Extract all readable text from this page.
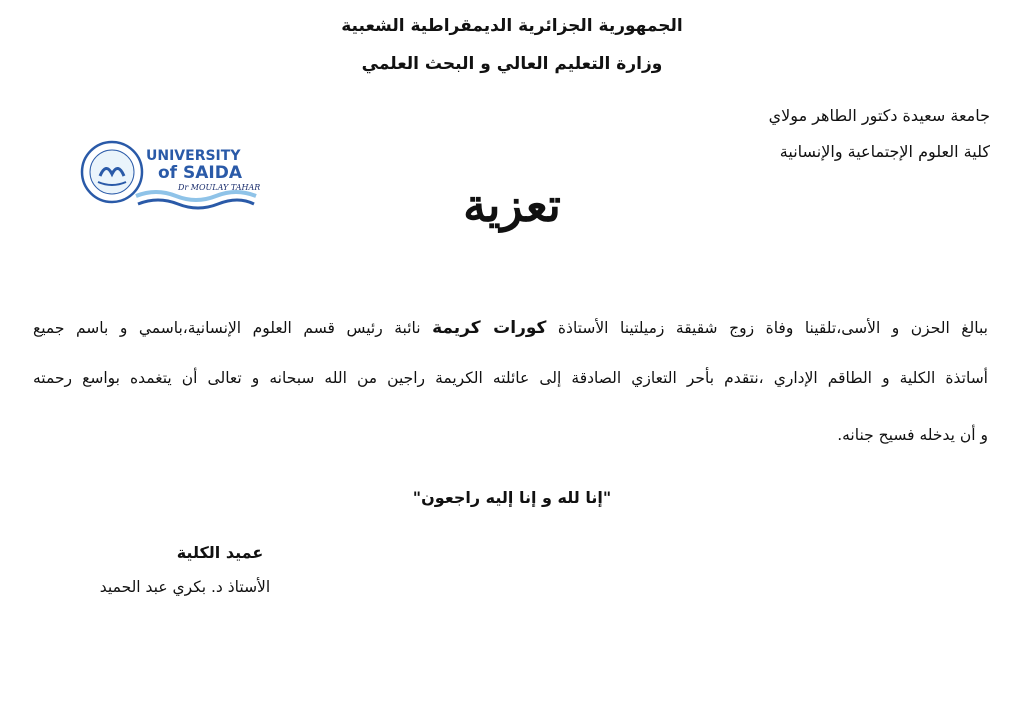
الجمهورية الجزائرية الديمقراطية الشعبية
وزارة التعليم العالي و البحث العلمي
جامعة سعيدة دكتور الطاهر مولاي
كلية العلوم الإجتماعية والإنسانية
UNIVERSITY
of SAIDA
Dr MOULAY TAHAR	تعزية
ببالغ الحزن و الأسى،تلقينا وفاة زوج شقيقة زميلتينا الأستاذة كورات كريمة نائبة رئيس قسم العلوم الإنسانية،باسمي و باسم جميع
أساتذة الكلية و الطاقم الإداري ،نتقدم بأحر التعازي الصادقة إلى عائلته الكريمة راجين من الله سبحانه و تعالى أن يتغمده بواسع رحمته
و أن يدخله فسيح جنانه.
"إنا لله و إنا إليه راجعون"
عميد الكلية
الأستاذ د. بكري عبد الحميد
